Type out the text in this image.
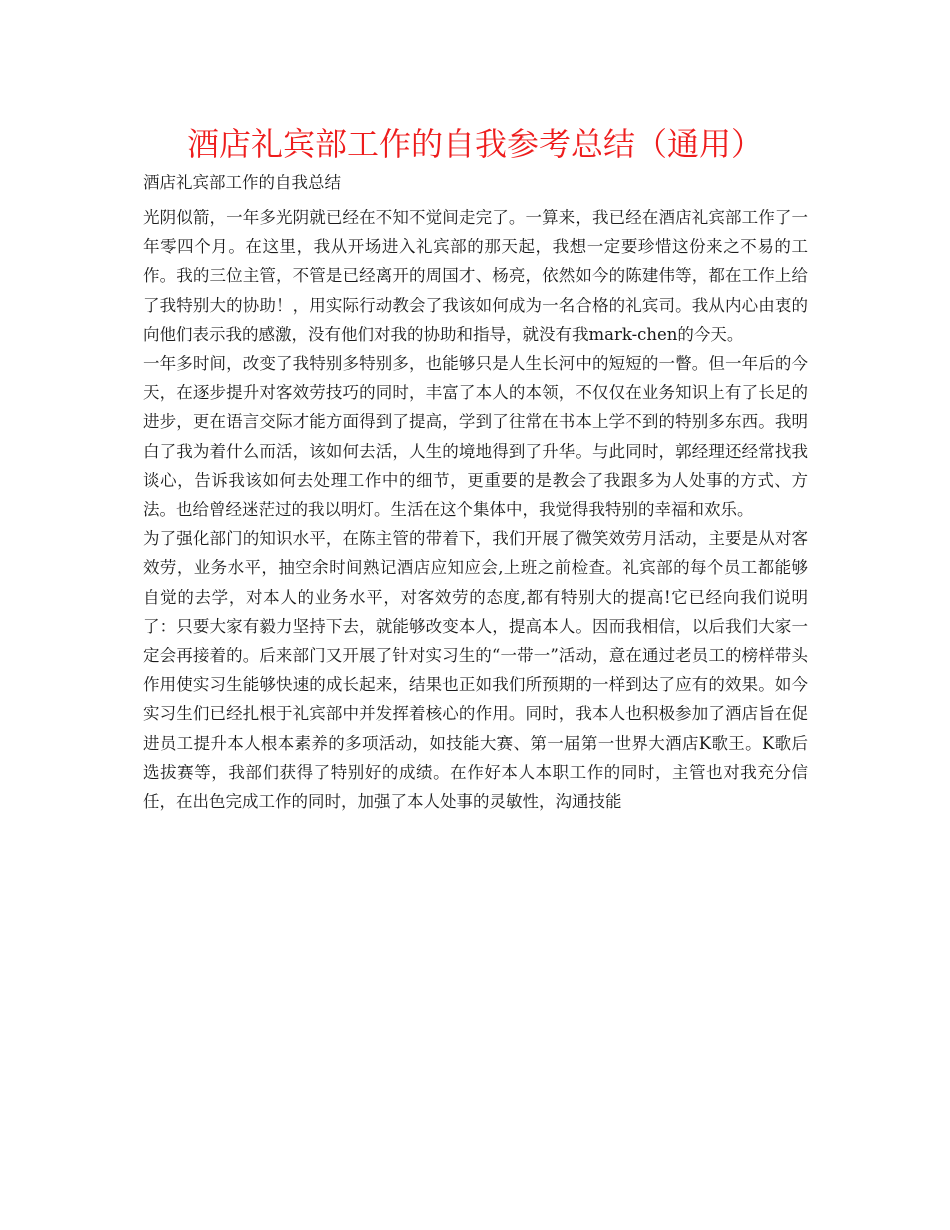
酒店礼宾部工作的自我参考总结（通用）
酒店礼宾部工作的自我总结
光阴似箭，一年多光阴就已经在不知不觉间走完了。一算来，我已经在酒店礼宾部工作了一年零四个月。在这里，我从开场进入礼宾部的那天起，我想一定要珍惜这份来之不易的工作。我的三位主管，不管是已经离开的周国才、杨亮，依然如今的陈建伟等，都在工作上给了我特别大的协助！，用实际行动教会了我该如何成为一名合格的礼宾司。我从内心由衷的向他们表示我的感激，没有他们对我的协助和指导，就没有我mark-chen的今天。
一年多时间，改变了我特别多特别多，也能够只是人生长河中的短短的一瞥。但一年后的今天，在逐步提升对客效劳技巧的同时，丰富了本人的本领，不仅仅在业务知识上有了长足的进步，更在语言交际才能方面得到了提高，学到了往常在书本上学不到的特别多东西。我明白了我为着什么而活，该如何去活，人生的境地得到了升华。与此同时，郭经理还经常找我谈心，告诉我该如何去处理工作中的细节，更重要的是教会了我跟多为人处事的方式、方法。也给曾经迷茫过的我以明灯。生活在这个集体中，我觉得我特别的幸福和欢乐。
为了强化部门的知识水平，在陈主管的带着下，我们开展了微笑效劳月活动，主要是从对客效劳，业务水平，抽空余时间熟记酒店应知应会,上班之前检查。礼宾部的每个员工都能够自觉的去学，对本人的业务水平，对客效劳的态度,都有特别大的提高!它已经向我们说明了：只要大家有毅力坚持下去，就能够改变本人，提高本人。因而我相信，以后我们大家一定会再接着的。后来部门又开展了针对实习生的“一带一”活动，意在通过老员工的榜样带头作用使实习生能够快速的成长起来，结果也正如我们所预期的一样到达了应有的效果。如今实习生们已经扎根于礼宾部中并发挥着核心的作用。同时，我本人也积极参加了酒店旨在促进员工提升本人根本素养的多项活动，如技能大赛、第一届第一世界大酒店K歌王。K歌后选拔赛等，我部们获得了特别好的成绩。在作好本人本职工作的同时，主管也对我充分信任，在出色完成工作的同时，加强了本人处事的灵敏性，沟通技能
